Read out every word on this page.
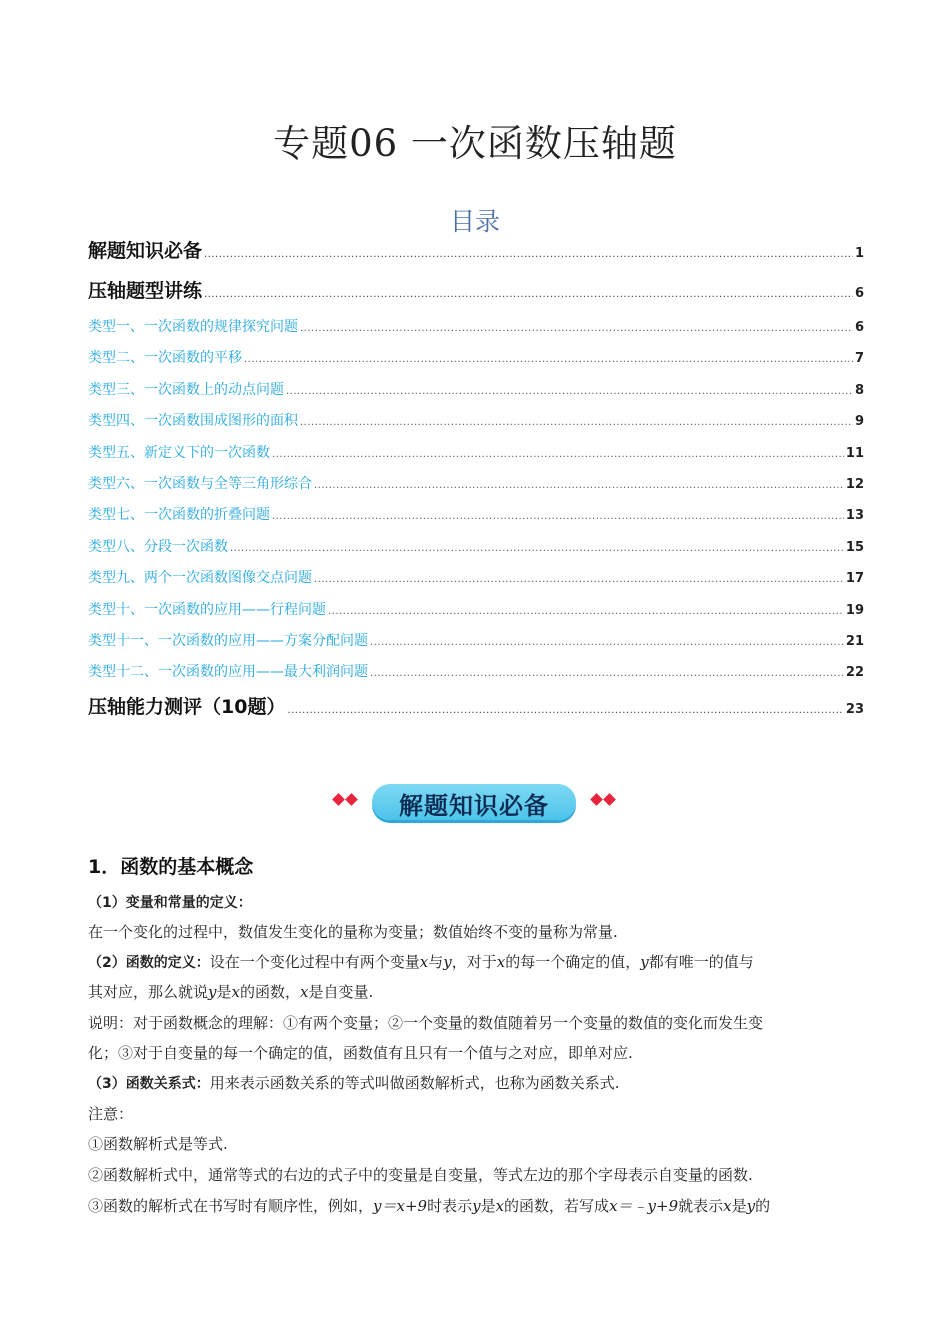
专题06 一次函数压轴题
目录
解题知识必备 .....	1
压轴题型讲练 .....	6
类型一、一次函数的规律探究问题 .....	6
类型二、一次函数的平移 .....	7
类型三、一次函数上的动点问题 .....	8
类型四、一次函数围成图形的面积 .....	9
类型五、新定义下的一次函数 .....	11
类型六、一次函数与全等三角形综合 .....	12
类型七、一次函数的折叠问题 .....	13
类型八、分段一次函数 .....	15
类型九、两个一次函数图像交点问题 .....	17
类型十、一次函数的应用——行程问题 .....	19
类型十一、一次函数的应用——方案分配问题 .....	21
类型十二、一次函数的应用——最大利润问题 .....	22
压轴能力测评（10题） .....	23
解题知识必备
1．函数的基本概念
（1）变量和常量的定义：
在一个变化的过程中，数值发生变化的量称为变量；数值始终不变的量称为常量.
（2）函数的定义：设在一个变化过程中有两个变量x与y，对于x的每一个确定的值，y都有唯一的值与
其对应，那么就说y是x的函数，x是自变量.
说明：对于函数概念的理解：①有两个变量；②一个变量的数值随着另一个变量的数值的变化而发生变
化；③对于自变量的每一个确定的值，函数值有且只有一个值与之对应，即单对应.
（3）函数关系式：用来表示函数关系的等式叫做函数解析式，也称为函数关系式.
注意：
①函数解析式是等式.
②函数解析式中，通常等式的右边的式子中的变量是自变量，等式左边的那个字母表示自变量的函数.
③函数的解析式在书写时有顺序性，例如，y＝x+9时表示y是x的函数，若写成x＝﹣y+9就表示x是y的
